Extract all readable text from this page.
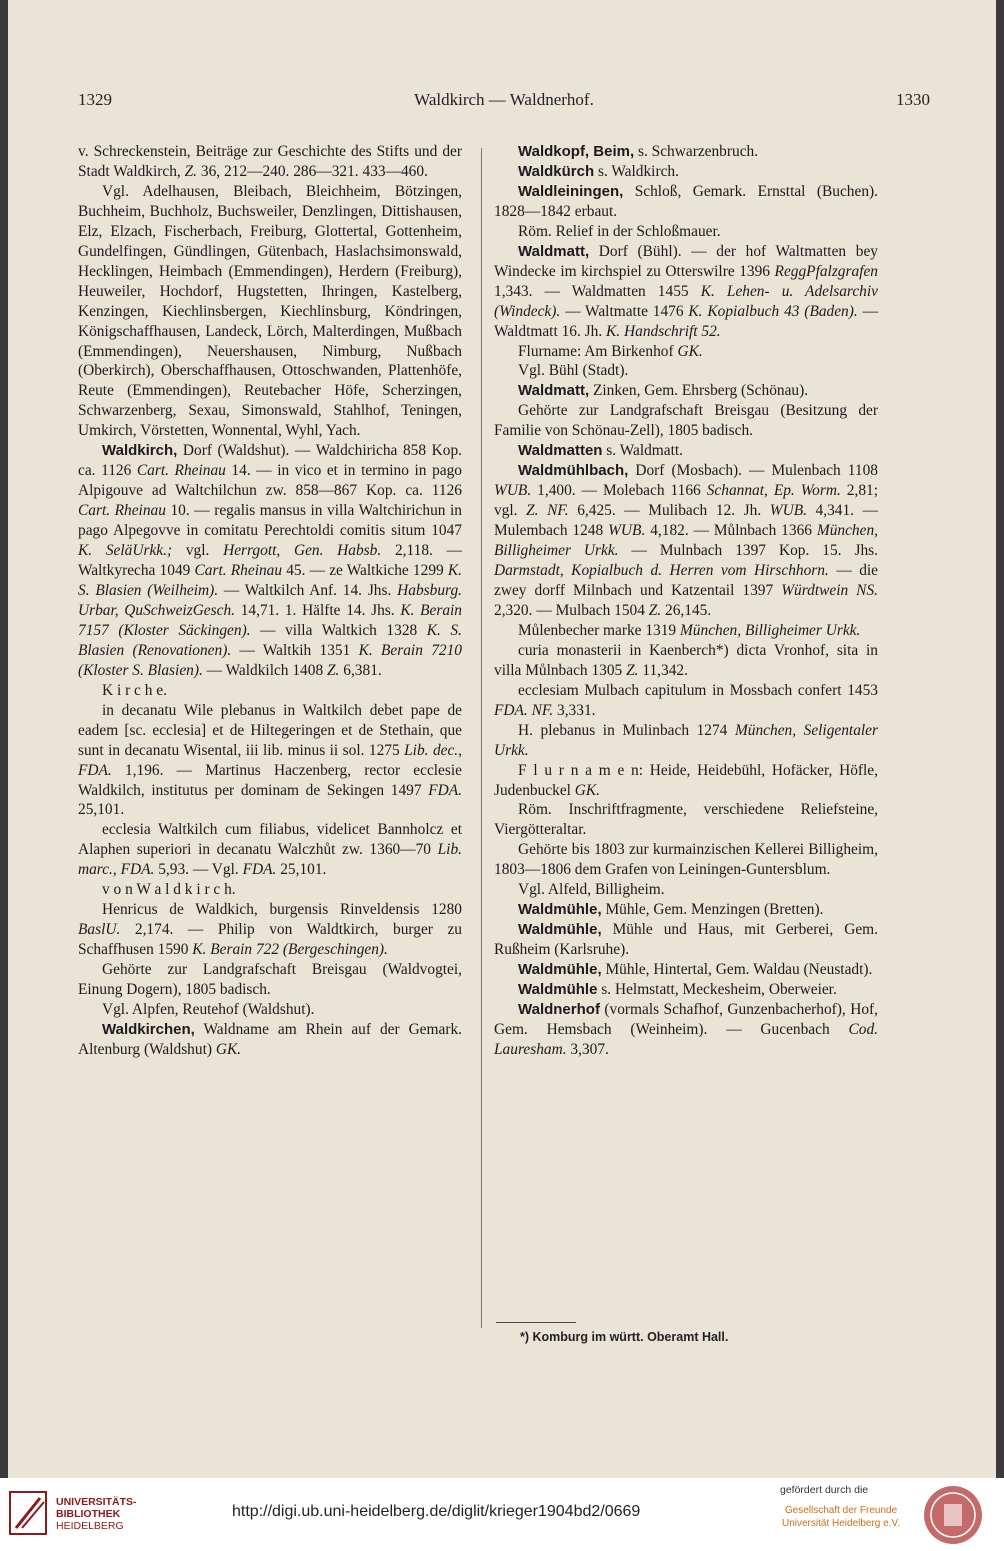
1329	Waldkirch — Waldnerhof.	1330

v. Schreckenstein, Beiträge zur Geschichte des Stifts und der Stadt Waldkirch, Z. 36, 212—240. 286—321. 433—460.

Vgl. Adelhausen, Bleibach, Bleichheim, Bötzingen, Buchheim, Buchholz, Buchsweiler, Denzlingen, Dittishausen, Elz, Elzach, Fischerbach, Freiburg, Glottertal, Gottenheim, Gundelfingen, Gündlingen, Gütenbach, Haslachsimonswald, Hecklingen, Heimbach (Emmendingen), Herdern (Freiburg), Heuweiler, Hochdorf, Hugstetten, Ihringen, Kastelberg, Kenzingen, Kiechlinsbergen, Kiechlinsburg, Köndringen, Königschaffhausen, Landeck, Lörch, Malterdingen, Mußbach (Emmendingen), Neuershausen, Nimburg, Nußbach (Oberkirch), Oberschaffhausen, Ottoschwanden, Plattenhöfe, Reute (Emmendingen), Reutebacher Höfe, Scherzingen, Schwarzenberg, Sexau, Simonswald, Stahlhof, Teningen, Umkirch, Vörstetten, Wonnental, Wyhl, Yach.

Waldkirch, Dorf (Waldshut). — Waldchiricha 858 Kop. ca. 1126 Cart. Rheinau 14. — in vico et in termino in pago Alpigouve ad Waltchilchun zw. 858—867 Kop. ca. 1126 Cart. Rheinau 10. — regalis mansus in villa Waltchirichun in pago Alpegovve in comitatu Perechtoldi comitis situm 1047 K. SeläUrkk.; vgl. Herrgott, Gen. Habsb. 2,118. — Waltkyrecha 1049 Cart. Rheinau 45. — ze Waltkiche 1299 K. S. Blasien (Weilheim). — Waltkilch Anf. 14. Jhs. Habsburg. Urbar, QuSchweizGesch. 14,71. 1. Hälfte 14. Jhs. K. Berain 7157 (Kloster Säckingen). — villa Waltkich 1328 K. S. Blasien (Renovationen). — Waltkih 1351 K. Berain 7210 (Kloster S. Blasien). — Waldkilch 1408 Z. 6,381.

K i r c h e.

in decanatu Wile plebanus in Waltkilch debet pape de eadem [sc. ecclesia] et de Hiltegeringen et de Stethain, que sunt in decanatu Wisental, iii lib. minus ii sol. 1275 Lib. dec., FDA. 1,196. — Martinus Haczenberg, rector ecclesie Waldkilch, institutus per dominam de Sekingen 1497 FDA. 25,101.

ecclesia Waltkilch cum filiabus, videlicet Bannholcz et Alaphen superiori in decanatu Walczhůt zw. 1360—70 Lib. marc., FDA. 5,93. — Vgl. FDA. 25,101.

v o n W a l d k i r c h.

Henricus de Waldkich, burgensis Rinveldensis 1280 BaslU. 2,174. — Philip von Waldtkirch, burger zu Schaffhusen 1590 K. Berain 722 (Bergeschingen).

Gehörte zur Landgrafschaft Breisgau (Waldvogtei, Einung Dogern), 1805 badisch.

Vgl. Alpfen, Reutehof (Waldshut).

Waldkirchen, Waldname am Rhein auf der Gemark. Altenburg (Waldshut) GK.

Waldkopf, Beim, s. Schwarzenbruch.

Waldkürch s. Waldkirch.

Waldleiningen, Schloß, Gemark. Ernsttal (Buchen). 1828—1842 erbaut.

Röm. Relief in der Schloßmauer.

Waldmatt, Dorf (Bühl). — der hof Waltmatten bey Windecke im kirchspiel zu Otterswilre 1396 ReggPfalzgrafen 1,343. — Waldmatten 1455 K. Lehen- u. Adelsarchiv (Windeck). — Waltmatte 1476 K. Kopialbuch 43 (Baden). — Waldtmatt 16. Jh. K. Handschrift 52.

Flurname: Am Birkenhof GK.

Vgl. Bühl (Stadt).

Waldmatt, Zinken, Gem. Ehrsberg (Schönau).

Gehörte zur Landgrafschaft Breisgau (Besitzung der Familie von Schönau-Zell), 1805 badisch.

Waldmatten s. Waldmatt.

Waldmühlbach, Dorf (Mosbach). — Mulenbach 1108 WUB. 1,400. — Molebach 1166 Schannat, Ep. Worm. 2,81; vgl. Z. NF. 6,425. — Mulibach 12. Jh. WUB. 4,341. — Mulembach 1248 WUB. 4,182. — Můlnbach 1366 München, Billigheimer Urkk. — Mulnbach 1397 Kop. 15. Jhs. Darmstadt, Kopialbuch d. Herren vom Hirschhorn. — die zwey dorff Milnbach und Katzentail 1397 Würdtwein NS. 2,320. — Mulbach 1504 Z. 26,145.

Můlenbecher marke 1319 München, Billigheimer Urkk.

curia monasterii in Kaenberch*) dicta Vronhof, sita in villa Můlnbach 1305 Z. 11,342.

ecclesiam Mulbach capitulum in Mossbach confert 1453 FDA. NF. 3,331.

H. plebanus in Mulinbach 1274 München, Seligentaler Urkk.

F l u r n a m e n: Heide, Heidebühl, Hofäcker, Höfle, Judenbuckel GK.

Röm. Inschriftfragmente, verschiedene Reliefsteine, Viergötteraltar.

Gehörte bis 1803 zur kurmainzischen Kellerei Billigheim, 1803—1806 dem Grafen von Leiningen-Guntersblum.

Vgl. Alfeld, Billigheim.

Waldmühle, Mühle, Gem. Menzingen (Bretten).

Waldmühle, Mühle und Haus, mit Gerberei, Gem. Rußheim (Karlsruhe).

Waldmühle, Mühle, Hintertal, Gem. Waldau (Neustadt).

Waldmühle s. Helmstatt, Meckesheim, Oberweier.

Waldnerhof (vormals Schafhof, Gunzenbacherhof), Hof, Gem. Hemsbach (Weinheim). — Gucenbach Cod. Lauresham. 3,307.

*) Komburg im württ. Oberamt Hall.
UNIVERSITÄTS-
BIBLIOTHEK
HEIDELBERG
http://digi.ub.uni-heidelberg.de/diglit/krieger1904bd2/0669
gefördert durch die
Gesellschaft der Freunde
Universität Heidelberg e.V.
